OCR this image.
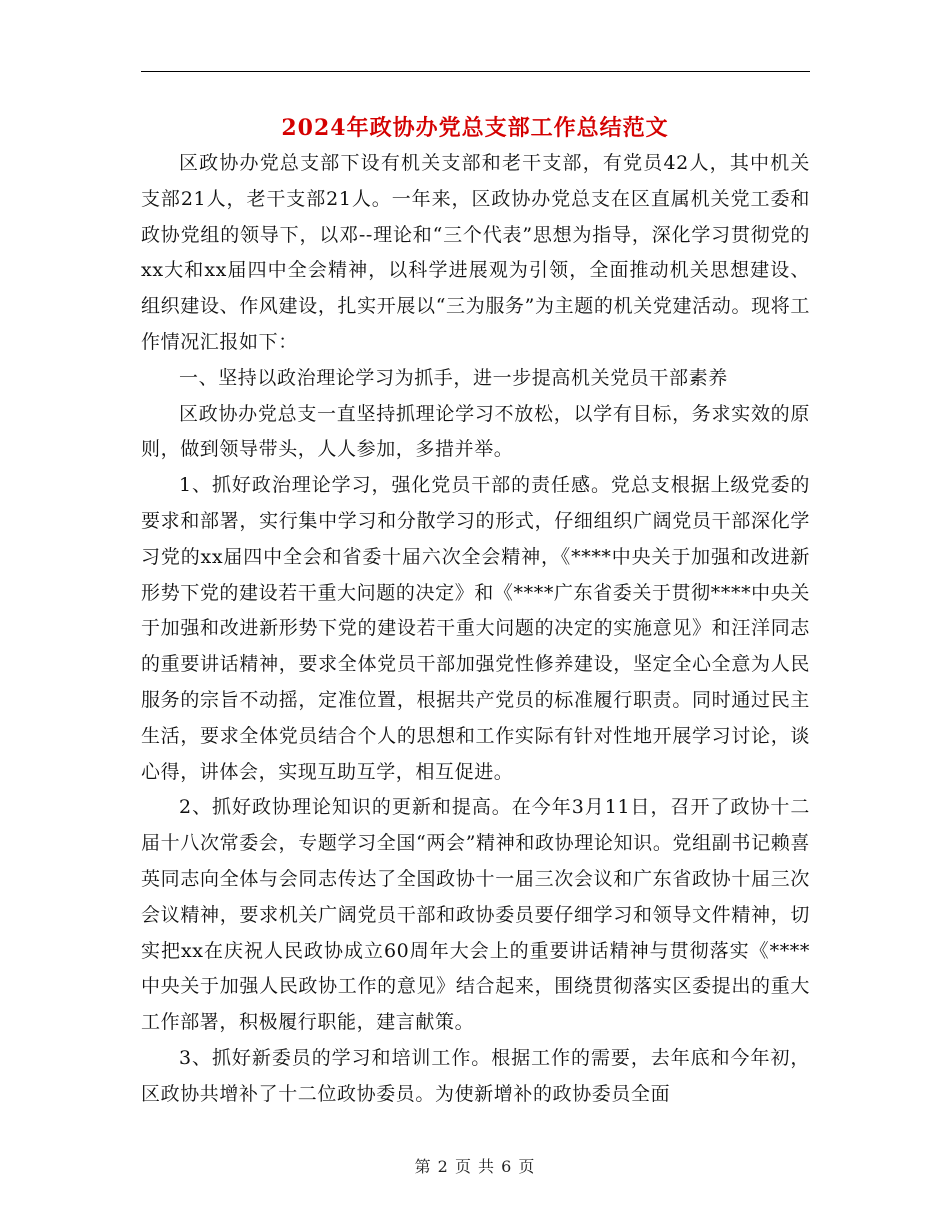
2024年政协办党总支部工作总结范文

区政协办党总支部下设有机关支部和老干支部，有党员42人，其中机关支部21人，老干支部21人。一年来，区政协办党总支在区直属机关党工委和政协党组的领导下，以邓--理论和“三个代表”思想为指导，深化学习贯彻党的xx大和xx届四中全会精神，以科学进展观为引领，全面推动机关思想建设、组织建设、作风建设，扎实开展以“三为服务”为主题的机关党建活动。现将工作情况汇报如下：

一、坚持以政治理论学习为抓手，进一步提高机关党员干部素养

区政协办党总支一直坚持抓理论学习不放松，以学有目标，务求实效的原则，做到领导带头，人人参加，多措并举。

1、抓好政治理论学习，强化党员干部的责任感。党总支根据上级党委的要求和部署，实行集中学习和分散学习的形式，仔细组织广阔党员干部深化学习党的xx届四中全会和省委十届六次全会精神，《****中央关于加强和改进新形势下党的建设若干重大问题的决定》和《****广东省委关于贯彻****中央关于加强和改进新形势下党的建设若干重大问题的决定的实施意见》和汪洋同志的重要讲话精神，要求全体党员干部加强党性修养建设，坚定全心全意为人民服务的宗旨不动摇，定准位置，根据共产党员的标准履行职责。同时通过民主生活，要求全体党员结合个人的思想和工作实际有针对性地开展学习讨论，谈心得，讲体会，实现互助互学，相互促进。

2、抓好政协理论知识的更新和提高。在今年3月11日，召开了政协十二届十八次常委会，专题学习全国“两会”精神和政协理论知识。党组副书记赖喜英同志向全体与会同志传达了全国政协十一届三次会议和广东省政协十届三次会议精神，要求机关广阔党员干部和政协委员要仔细学习和领导文件精神，切实把xx在庆祝人民政协成立60周年大会上的重要讲话精神与贯彻落实《****中央关于加强人民政协工作的意见》结合起来，围绕贯彻落实区委提出的重大工作部署，积极履行职能，建言献策。

3、抓好新委员的学习和培训工作。根据工作的需要，去年底和今年初，区政协共增补了十二位政协委员。为使新增补的政协委员全面

第 2 页 共 6 页
